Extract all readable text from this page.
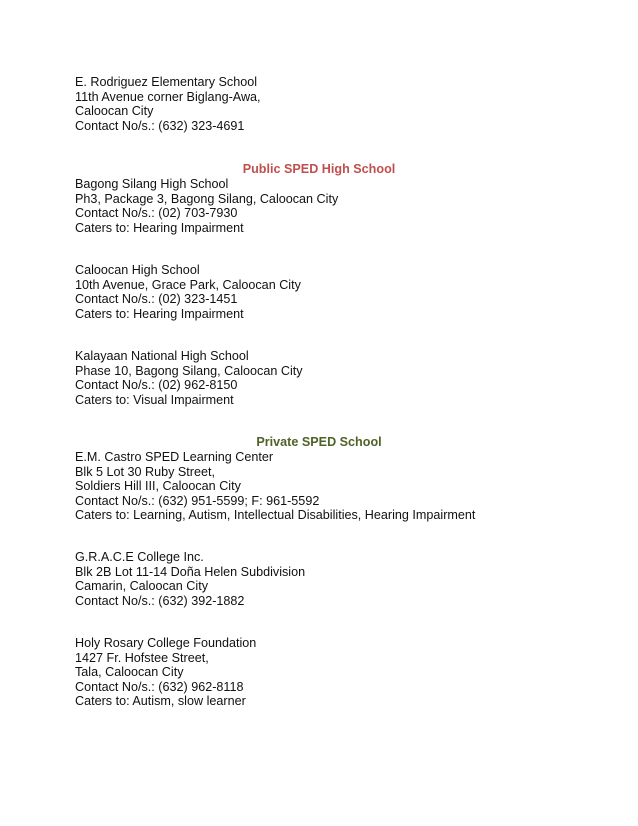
E. Rodriguez Elementary School
11th Avenue corner Biglang-Awa,
Caloocan City
Contact No/s.: (632) 323-4691
Public SPED High School
Bagong Silang High School
Ph3, Package 3, Bagong Silang, Caloocan City
Contact No/s.: (02) 703-7930
Caters to: Hearing Impairment
Caloocan High School
10th Avenue, Grace Park, Caloocan City
Contact No/s.: (02) 323-1451
Caters to: Hearing Impairment
Kalayaan National High School
Phase 10, Bagong Silang, Caloocan City
Contact No/s.: (02) 962-8150
Caters to: Visual Impairment
Private SPED School
E.M. Castro SPED Learning Center
Blk 5 Lot 30 Ruby Street,
Soldiers Hill III, Caloocan City
Contact No/s.: (632) 951-5599; F: 961-5592
Caters to: Learning, Autism, Intellectual Disabilities, Hearing Impairment
G.R.A.C.E College Inc.
Blk 2B Lot 11-14 Doña Helen Subdivision
Camarin, Caloocan City
Contact No/s.: (632) 392-1882
Holy Rosary College Foundation
1427 Fr. Hofstee Street,
Tala, Caloocan City
Contact No/s.: (632) 962-8118
Caters to: Autism, slow learner
